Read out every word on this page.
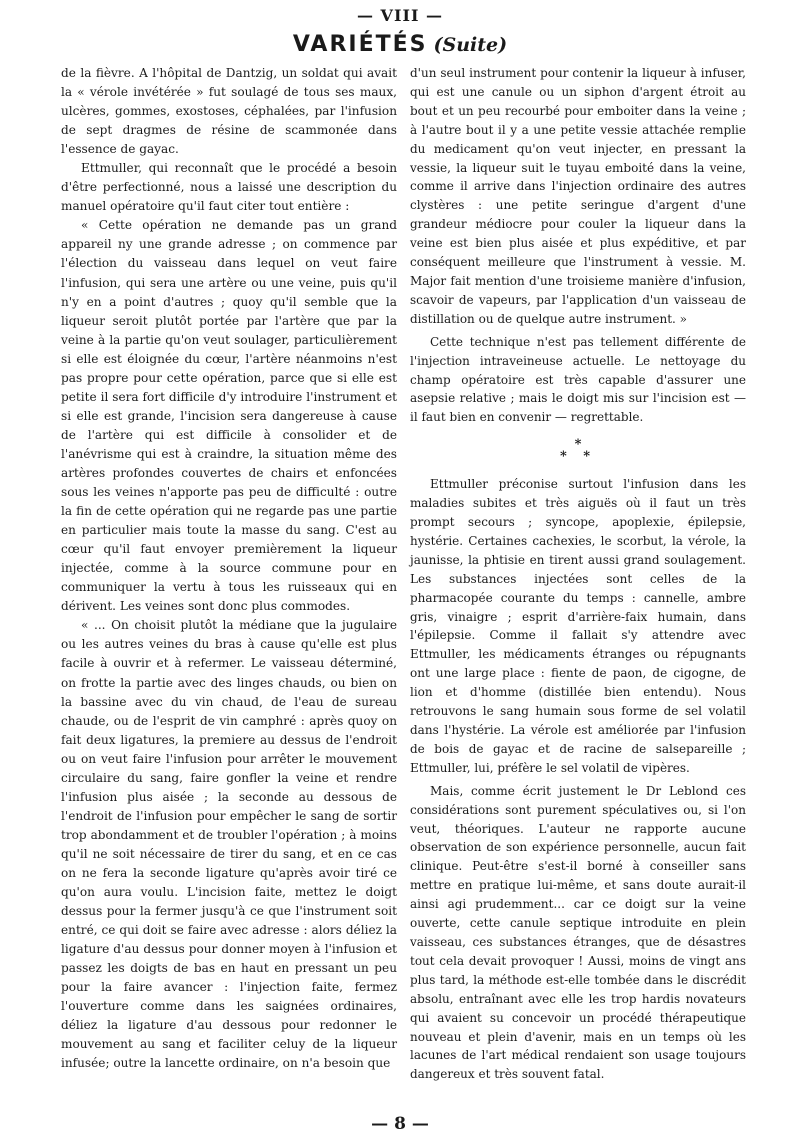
— VIII —
VARIÉTÉS (Suite)

de la fièvre. A l'hôpital de Dantzig, un soldat qui avait la « vérole invétérée » fut soulagé de tous ses maux, ulcères, gommes, exostoses, céphalées, par l'infusion de sept dragmes de résine de scammonée dans l'essence de gayac.

Ettmuller, qui reconnaît que le procédé a besoin d'être perfectionné, nous a laissé une description du manuel opératoire qu'il faut citer tout entière :

« Cette opération ne demande pas un grand appareil ny une grande adresse ; on commence par l'élection du vaisseau dans lequel on veut faire l'infusion, qui sera une artère ou une veine, puis qu'il n'y en a point d'autres ; quoy qu'il semble que la liqueur seroit plutôt portée par l'artère que par la veine à la partie qu'on veut soulager, particulièrement si elle est éloignée du cœur, l'artère néanmoins n'est pas propre pour cette opération, parce que si elle est petite il sera fort difficile d'y introduire l'instrument et si elle est grande, l'incision sera dangereuse à cause de l'artère qui est difficile à consolider et de l'anévrisme qui est à craindre, la situation même des artères profondes couvertes de chairs et enfoncées sous les veines n'apporte pas peu de difficulté : outre la fin de cette opération qui ne regarde pas une partie en particulier mais toute la masse du sang. C'est au cœur qu'il faut envoyer premièrement la liqueur injectée, comme à la source commune pour en communiquer la vertu à tous les ruisseaux qui en dérivent. Les veines sont donc plus commodes.

« ... On choisit plutôt la médiane que la jugulaire ou les autres veines du bras à cause qu'elle est plus facile à ouvrir et à refermer. Le vaisseau déterminé, on frotte la partie avec des linges chauds, ou bien on la bassine avec du vin chaud, de l'eau de sureau chaude, ou de l'esprit de vin camphré : après quoy on fait deux ligatures, la premiere au dessus de l'endroit ou on veut faire l'infusion pour arrêter le mouvement circulaire du sang, faire gonfler la veine et rendre l'infusion plus aisée ; la seconde au dessous de l'endroit de l'infusion pour empêcher le sang de sortir trop abondamment et de troubler l'opération ; à moins qu'il ne soit nécessaire de tirer du sang, et en ce cas on ne fera la seconde ligature qu'après avoir tiré ce qu'on aura voulu. L'incision faite, mettez le doigt dessus pour la fermer jusqu'à ce que l'instrument soit entré, ce qui doit se faire avec adresse : alors déliez la ligature d'au dessus pour donner moyen à l'infusion et passez les doigts de bas en haut en pressant un peu pour la faire avancer : l'injection faite, fermez l'ouverture comme dans les saignées ordinaires, déliez la ligature d'au dessous pour redonner le mouvement au sang et faciliter celuy de la liqueur infusée; outre la lancette ordinaire, on n'a besoin que

d'un seul instrument pour contenir la liqueur à infuser, qui est une canule ou un siphon d'argent étroit au bout et un peu recourbé pour emboiter dans la veine ; à l'autre bout il y a une petite vessie attachée remplie du medicament qu'on veut injecter, en pressant la vessie, la liqueur suit le tuyau emboité dans la veine, comme il arrive dans l'injection ordinaire des autres clystères : une petite seringue d'argent d'une grandeur médiocre pour couler la liqueur dans la veine est bien plus aisée et plus expéditive, et par conséquent meilleure que l'instrument à vessie. M. Major fait mention d'une troisieme manière d'infusion, scavoir de vapeurs, par l'application d'un vaisseau de distillation ou de quelque autre instrument. »

Cette technique n'est pas tellement différente de l'injection intraveineuse actuelle. Le nettoyage du champ opératoire est très capable d'assurer une asepsie relative ; mais le doigt mis sur l'incision est — il faut bien en convenir — regrettable.

*
* *

Ettmuller préconise surtout l'infusion dans les maladies subites et très aiguës où il faut un très prompt secours ; syncope, apoplexie, épilepsie, hystérie. Certaines cachexies, le scorbut, la vérole, la jaunisse, la phtisie en tirent aussi grand soulagement. Les substances injectées sont celles de la pharmacopée courante du temps : cannelle, ambre gris, vinaigre ; esprit d'arrière-faix humain, dans l'épilepsie. Comme il fallait s'y attendre avec Ettmuller, les médicaments étranges ou répugnants ont une large place : fiente de paon, de cigogne, de lion et d'homme (distillée bien entendu). Nous retrouvons le sang humain sous forme de sel volatil dans l'hystérie. La vérole est améliorée par l'infusion de bois de gayac et de racine de salsepareille ; Ettmuller, lui, préfère le sel volatil de vipères.

Mais, comme écrit justement le Dr Leblond ces considérations sont purement spéculatives ou, si l'on veut, théoriques. L'auteur ne rapporte aucune observation de son expérience personnelle, aucun fait clinique. Peut-être s'est-il borné à conseiller sans mettre en pratique lui-même, et sans doute aurait-il ainsi agi prudemment... car ce doigt sur la veine ouverte, cette canule septique introduite en plein vaisseau, ces substances étranges, que de désastres tout cela devait provoquer ! Aussi, moins de vingt ans plus tard, la méthode est-elle tombée dans le discrédit absolu, entraînant avec elle les trop hardis novateurs qui avaient su concevoir un procédé thérapeutique nouveau et plein d'avenir, mais en un temps où les lacunes de l'art médical rendaient son usage toujours dangereux et très souvent fatal.

— 8 —
